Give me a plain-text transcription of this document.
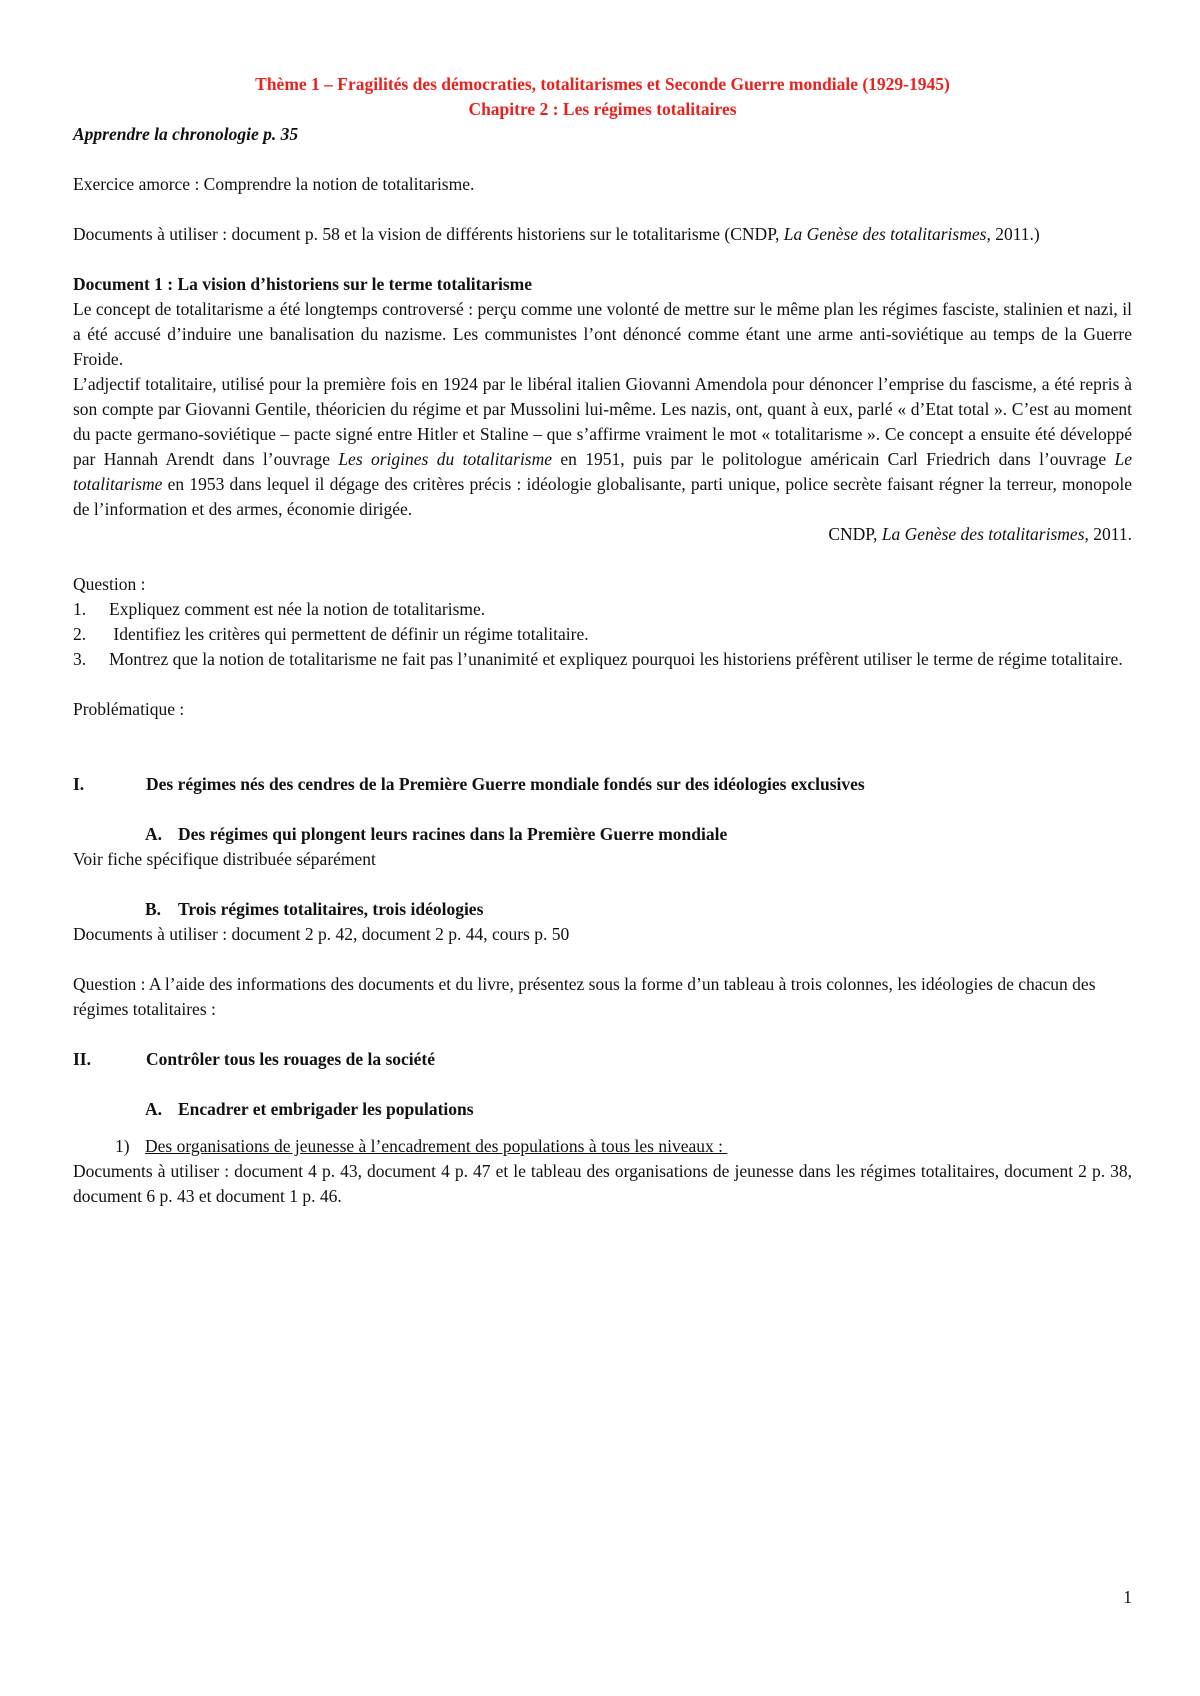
Thème 1 – Fragilités des démocraties, totalitarismes et Seconde Guerre mondiale (1929-1945)

Chapitre 2 : Les régimes totalitaires

Apprendre la chronologie p. 35

Exercice amorce : Comprendre la notion de totalitarisme.

Documents à utiliser : document p. 58 et la vision de différents historiens sur le totalitarisme (CNDP, La Genèse des totalitarismes, 2011.)

Document 1 : La vision d’historiens sur le terme totalitarisme

Le concept de totalitarisme a été longtemps controversé : perçu comme une volonté de mettre sur le même plan les régimes fasciste, stalinien et nazi, il a été accusé d’induire une banalisation du nazisme. Les communistes l’ont dénoncé comme étant une arme anti-soviétique au temps de la Guerre Froide.

L’adjectif totalitaire, utilisé pour la première fois en 1924 par le libéral italien Giovanni Amendola pour dénoncer l’emprise du fascisme, a été repris à son compte par Giovanni Gentile, théoricien du régime et par Mussolini lui-même. Les nazis, ont, quant à eux, parlé « d’Etat total ». C’est au moment du pacte germano-soviétique – pacte signé entre Hitler et Staline – que s’affirme vraiment le mot « totalitarisme ». Ce concept a ensuite été développé par Hannah Arendt dans l’ouvrage Les origines du totalitarisme en 1951, puis par le politologue américain Carl Friedrich dans l’ouvrage Le totalitarisme en 1953 dans lequel il dégage des critères précis : idéologie globalisante, parti unique, police secrète faisant régner la terreur, monopole de l’information et des armes, économie dirigée.

CNDP, La Genèse des totalitarismes, 2011.

Question :

1.	Expliquez comment est née la notion de totalitarisme.
2.	Identifiez les critères qui permettent de définir un régime totalitaire.
3.	Montrez que la notion de totalitarisme ne fait pas l’unanimité et expliquez pourquoi les historiens préfèrent utiliser le terme de régime totalitaire.

Problématique :

I.	Des régimes nés des cendres de la Première Guerre mondiale fondés sur des idéologies exclusives
A. Des régimes qui plongent leurs racines dans la Première Guerre mondiale

Voir fiche spécifique distribuée séparément

B. Trois régimes totalitaires, trois idéologies

Documents à utiliser : document 2 p. 42, document 2 p. 44, cours p. 50

Question : A l’aide des informations des documents et du livre, présentez sous la forme d’un tableau à trois colonnes, les idéologies de chacun des régimes totalitaires :

II.	Contrôler tous les rouages de la société
A. Encadrer et embrigader les populations
1) Des organisations de jeunesse à l’encadrement des populations à tous les niveaux :

Documents à utiliser : document 4 p. 43, document 4 p. 47 et le tableau des organisations de jeunesse dans les régimes totalitaires, document 2 p. 38, document 6 p. 43 et document 1 p. 46.

1
